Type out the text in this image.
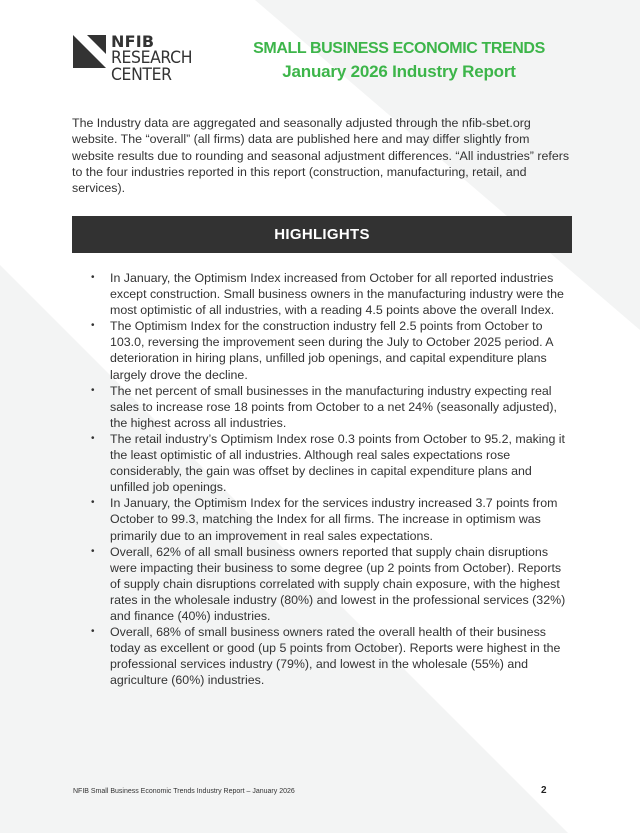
NFIB
RESEARCH
CENTER
SMALL BUSINESS ECONOMIC TRENDS
January 2026 Industry Report

The Industry data are aggregated and seasonally adjusted through the nfib-sbet.org website. The “overall” (all firms) data are published here and may differ slightly from website results due to rounding and seasonal adjustment differences. “All industries” refers to the four industries reported in this report (construction, manufacturing, retail, and services).

HIGHLIGHTS
• In January, the Optimism Index increased from October for all reported industries except construction. Small business owners in the manufacturing industry were the most optimistic of all industries, with a reading 4.5 points above the overall Index.
• The Optimism Index for the construction industry fell 2.5 points from October to 103.0, reversing the improvement seen during the July to October 2025 period. A deterioration in hiring plans, unfilled job openings, and capital expenditure plans largely drove the decline.
• The net percent of small businesses in the manufacturing industry expecting real sales to increase rose 18 points from October to a net 24% (seasonally adjusted), the highest across all industries.
• The retail industry’s Optimism Index rose 0.3 points from October to 95.2, making it the least optimistic of all industries. Although real sales expectations rose considerably, the gain was offset by declines in capital expenditure plans and unfilled job openings.
• In January, the Optimism Index for the services industry increased 3.7 points from October to 99.3, matching the Index for all firms. The increase in optimism was primarily due to an improvement in real sales expectations.
• Overall, 62% of all small business owners reported that supply chain disruptions were impacting their business to some degree (up 2 points from October). Reports of supply chain disruptions correlated with supply chain exposure, with the highest rates in the wholesale industry (80%) and lowest in the professional services (32%) and finance (40%) industries.
• Overall, 68% of small business owners rated the overall health of their business today as excellent or good (up 5 points from October). Reports were highest in the professional services industry (79%), and lowest in the wholesale (55%) and agriculture (60%) industries.
NFIB Small Business Economic Trends Industry Report – January 2026	2
